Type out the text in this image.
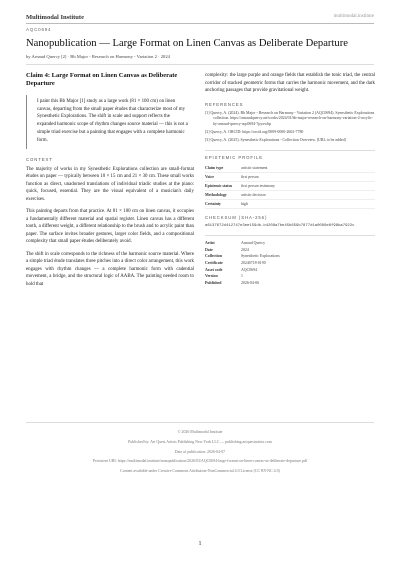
Multimodal Institute	multimodal.institute
AQC0694
Nanopublication — Large Format on Linen Canvas as Deliberate Departure
by Arnaud Quercy [2] · Bb Major - Research on Harmony - Variation 2 · 2024
Claim 4: Large Format on Linen Canvas as Deliberate Departure

I paint this Bb Major [1] study as a large work (81 × 100 cm) on linen canvas, departing from the small paper études that characterize most of my Synesthetic Explorations. The shift in scale and support reflects the expanded harmonic scope of rhythm changes source material — this is not a simple triad exercise but a painting that engages with a complete harmonic form.

CONTEXT

The majority of works in my Synesthetic Explorations collection are small-format études on paper — typically between 10 × 15 cm and 21 × 30 cm. These small works function as direct, unadorned translations of individual triadic studies at the piano: quick, focused, essential. They are the visual equivalent of a musician's daily exercises.

This painting departs from that practice. At 81 × 100 cm on linen canvas, it occupies a fundamentally different material and spatial register. Linen canvas has a different tooth, a different weight, a different relationship to the brush and to acrylic paint than paper. The surface invites broader gestures, larger color fields, and a compositional complexity that small paper études deliberately avoid.

The shift in scale corresponds to the richness of the harmonic source material. Where a simple triad étude translates three pitches into a direct color arrangement, this work engages with rhythm changes — a complete harmonic form with cadential movement, a bridge, and the structural logic of AABA. The painting needed room to hold that

complexity: the large purple and orange fields that establish the tonic triad, the central corridor of stacked geometric forms that carries the harmonic movement, and the dark anchoring passages that provide gravitational weight.

REFERENCES

[1] Quercy, A. (2024). Bb Major - Research on Harmony - Variation 2 (AQC0694). Synesthetic Explorations collection. https://arnaudquercy.art/works/2024/01/bb-major-research-on-harmony-variation-2-acrylic-by-arnaud-quercy-aqc0694-7pyxw6p

[2] Quercy, A. ORCID: https://orcid.org/0009-0000-2602-7780

[3] Quercy, A. (2025). Synesthetic Explorations - Collection Overview. [URL to be added]

EPISTEMIC PROFILE
Claim type	artistic statement
Voice	first person
Epistemic status	first person testimony
Methodology	artistic decision
Certainty	high
CHECKSUM (SHA-256)
a6137672d412747e3ee159db-b4209a7be45b659b7877d1a0096e6f98ba7922c
Artist	Arnaud Quercy
Date	2024
Collection	Synesthetic Explorations
Certificate	20240718-0190
Asset code	AQC0694
Version	1
Published	2026-04-06
© 2026 Multimodal Institute
Published by: Art Quest Artists Publishing New York LLC — publishing.artquestartists.com
Date of publication: 2026-04-07
Persistent URI: https://multimodal.institute/nanopublication/2026/03/AQC0694-large-format-on-linen-canvas-as-deliberate-departure.pdf
Content available under Creative Commons Attribution-NonCommercial 4.0 License (CC BY-NC 4.0)
1
